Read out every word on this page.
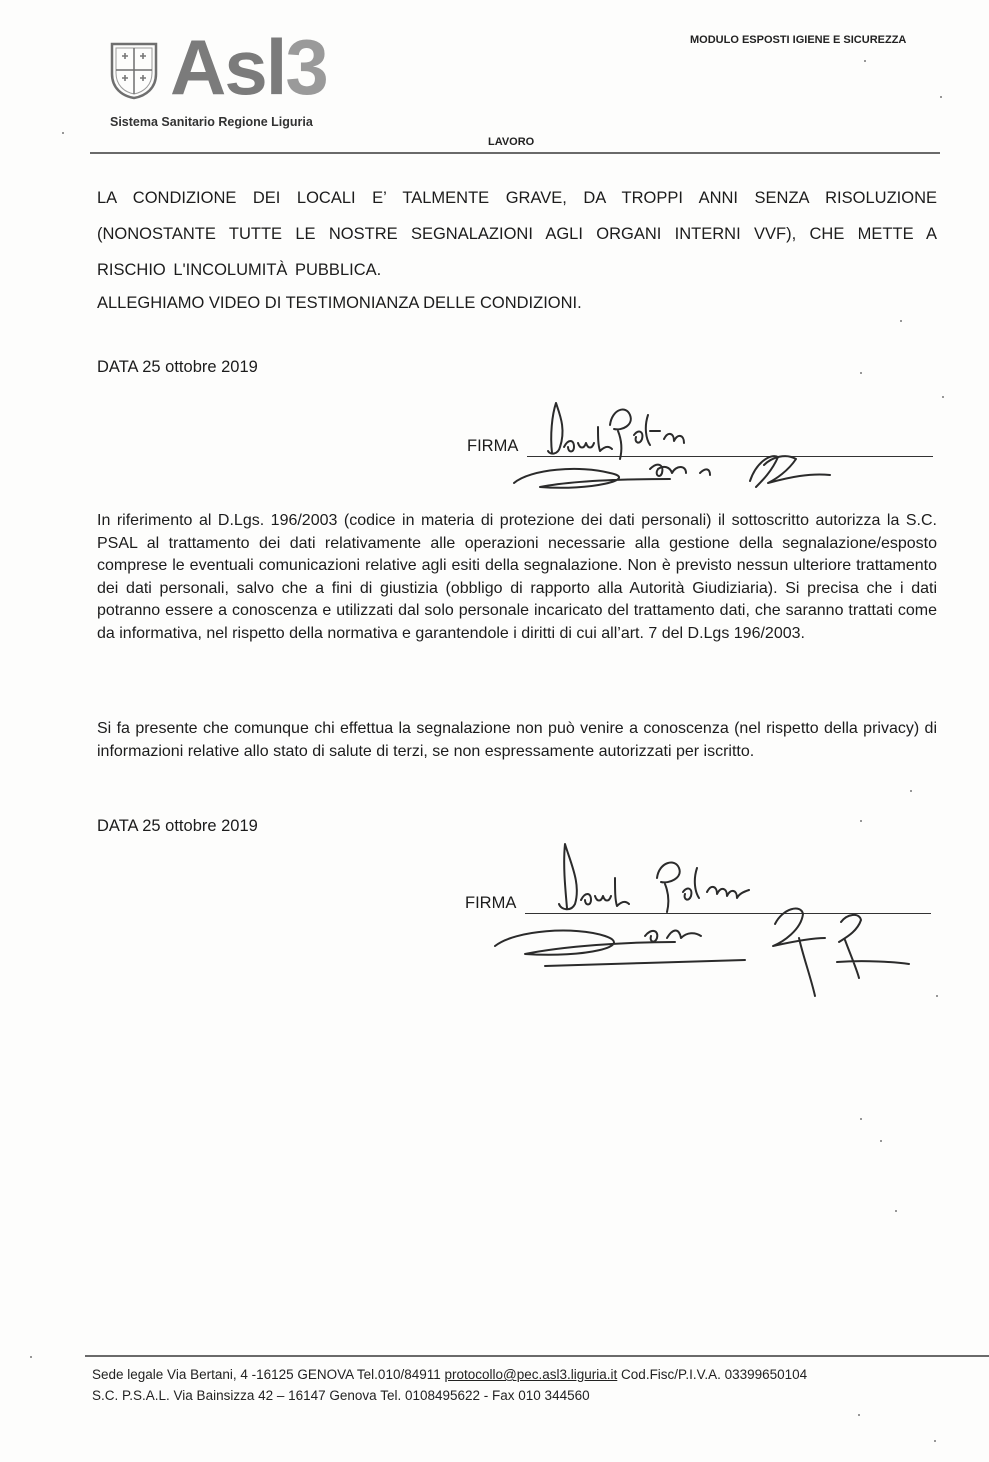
Asl3
Sistema Sanitario Regione Liguria
MODULO ESPOSTI IGIENE E SICUREZZA
LAVORO
LA CONDIZIONE DEI LOCALI E’ TALMENTE GRAVE, DA TROPPI ANNI SENZA RISOLUZIONE (NONOSTANTE TUTTE LE NOSTRE SEGNALAZIONI AGLI ORGANI INTERNI VVF), CHE METTE A RISCHIO L'INCOLUMITÀ PUBBLICA.
ALLEGHIAMO VIDEO DI TESTIMONIANZA DELLE CONDIZIONI.
DATA 25 ottobre 2019
FIRMA
In riferimento al D.Lgs. 196/2003 (codice in materia di protezione dei dati personali) il sottoscritto autorizza la S.C. PSAL al trattamento dei dati relativamente alle operazioni necessarie alla gestione della segnalazione/esposto comprese le eventuali comunicazioni relative agli esiti della segnalazione. Non è previsto nessun ulteriore trattamento dei dati personali, salvo che a fini di giustizia (obbligo di rapporto alla Autorità Giudiziaria). Si precisa che i dati potranno essere a conoscenza e utilizzati dal solo personale incaricato del trattamento dati, che saranno trattati come da informativa, nel rispetto della normativa e garantendole i diritti di cui all’art. 7 del D.Lgs 196/2003.
Si fa presente che comunque chi effettua la segnalazione non può venire a conoscenza (nel rispetto della privacy) di informazioni relative allo stato di salute di terzi, se non espressamente autorizzati per iscritto.
DATA 25 ottobre 2019
FIRMA
Sede legale Via Bertani, 4 -16125 GENOVA Tel.010/84911 protocollo@pec.asl3.liguria.it Cod.Fisc/P.I.V.A. 03399650104
S.C. P.S.A.L. Via Bainsizza 42 – 16147 Genova Tel. 0108495622 - Fax 010 344560
